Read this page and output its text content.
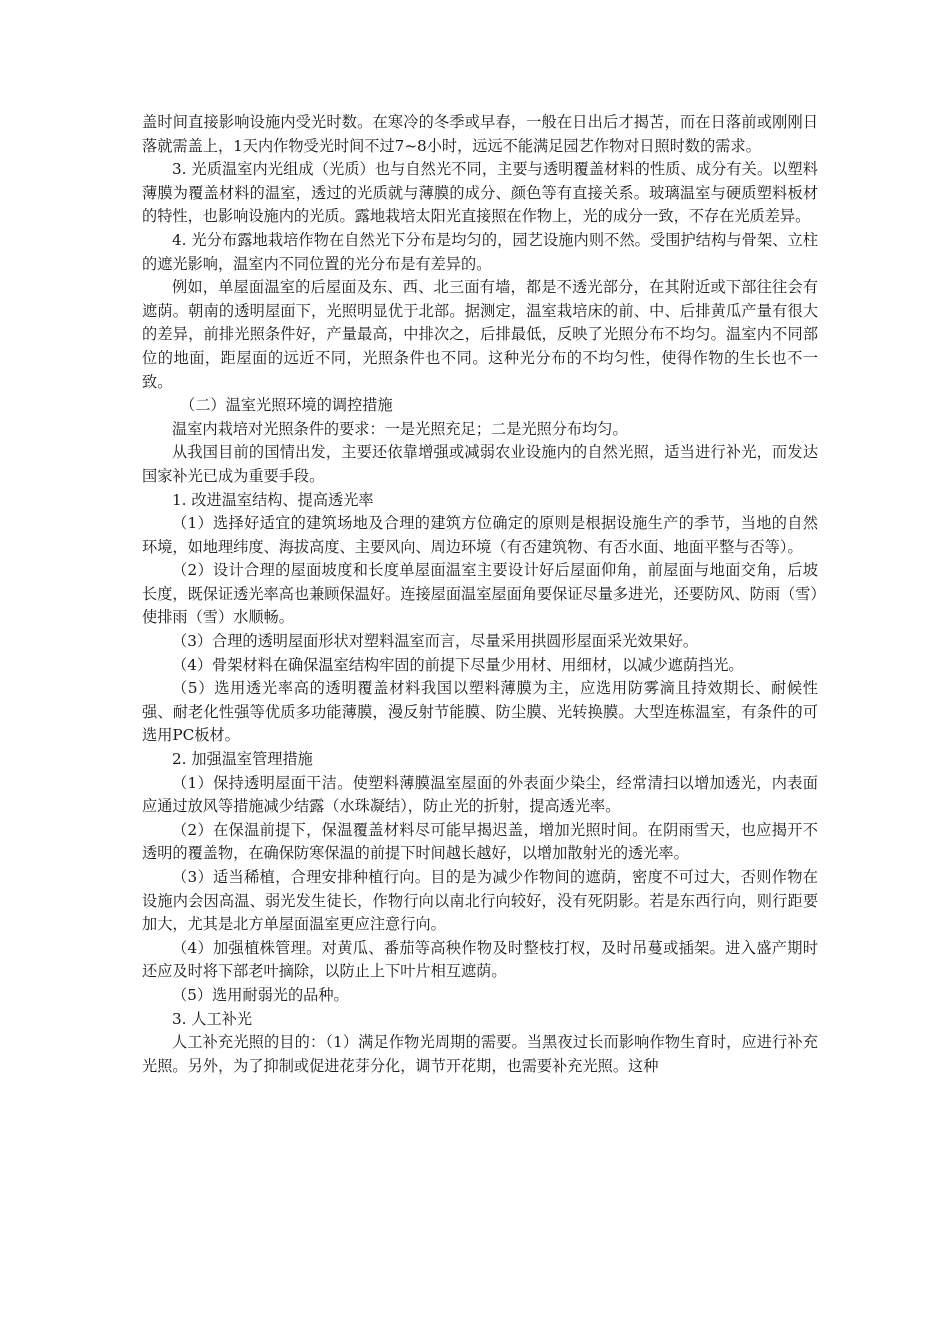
盖时间直接影响设施内受光时数。在寒冷的冬季或早春，一般在日出后才揭苫，而在日落前或刚刚日落就需盖上，1天内作物受光时间不过7~8小时，远远不能满足园艺作物对日照时数的需求。

3. 光质温室内光组成（光质）也与自然光不同，主要与透明覆盖材料的性质、成分有关。以塑料薄膜为覆盖材料的温室，透过的光质就与薄膜的成分、颜色等有直接关系。玻璃温室与硬质塑料板材的特性，也影响设施内的光质。露地栽培太阳光直接照在作物上，光的成分一致，不存在光质差异。

4. 光分布露地栽培作物在自然光下分布是均匀的，园艺设施内则不然。受围护结构与骨架、立柱的遮光影响，温室内不同位置的光分布是有差异的。

例如，单屋面温室的后屋面及东、西、北三面有墙，都是不透光部分，在其附近或下部往往会有遮荫。朝南的透明屋面下，光照明显优于北部。据测定，温室栽培床的前、中、后排黄瓜产量有很大的差异，前排光照条件好，产量最高，中排次之，后排最低，反映了光照分布不均匀。温室内不同部位的地面，距屋面的远近不同，光照条件也不同。这种光分布的不均匀性，使得作物的生长也不一致。

（二）温室光照环境的调控措施

温室内栽培对光照条件的要求：一是光照充足；二是光照分布均匀。

从我国目前的国情出发，主要还依靠增强或减弱农业设施内的自然光照，适当进行补光，而发达国家补光已成为重要手段。

1. 改进温室结构、提高透光率

（1）选择好适宜的建筑场地及合理的建筑方位确定的原则是根据设施生产的季节，当地的自然环境，如地理纬度、海拔高度、主要风向、周边环境（有否建筑物、有否水面、地面平整与否等）。

（2）设计合理的屋面坡度和长度单屋面温室主要设计好后屋面仰角，前屋面与地面交角，后坡长度，既保证透光率高也兼顾保温好。连接屋面温室屋面角要保证尽量多进光，还要防风、防雨（雪）使排雨（雪）水顺畅。

（3）合理的透明屋面形状对塑料温室而言，尽量采用拱圆形屋面采光效果好。

（4）骨架材料在确保温室结构牢固的前提下尽量少用材、用细材，以减少遮荫挡光。

（5）选用透光率高的透明覆盖材料我国以塑料薄膜为主，应选用防雾滴且持效期长、耐候性强、耐老化性强等优质多功能薄膜，漫反射节能膜、防尘膜、光转换膜。大型连栋温室，有条件的可选用PC板材。

2. 加强温室管理措施

（1）保持透明屋面干洁。使塑料薄膜温室屋面的外表面少染尘，经常清扫以增加透光，内表面应通过放风等措施减少结露（水珠凝结），防止光的折射，提高透光率。

（2）在保温前提下，保温覆盖材料尽可能早揭迟盖，增加光照时间。在阴雨雪天，也应揭开不透明的覆盖物，在确保防寒保温的前提下时间越长越好，以增加散射光的透光率。

（3）适当稀植，合理安排种植行向。目的是为减少作物间的遮荫，密度不可过大，否则作物在设施内会因高温、弱光发生徒长，作物行向以南北行向较好，没有死阴影。若是东西行向，则行距要加大，尤其是北方单屋面温室更应注意行向。

（4）加强植株管理。对黄瓜、番茄等高秧作物及时整枝打杈，及时吊蔓或插架。进入盛产期时还应及时将下部老叶摘除，以防止上下叶片相互遮荫。

（5）选用耐弱光的品种。

3. 人工补光

人工补充光照的目的：（1）满足作物光周期的需要。当黑夜过长而影响作物生育时，应进行补充光照。另外，为了抑制或促进花芽分化，调节开花期，也需要补充光照。这种
